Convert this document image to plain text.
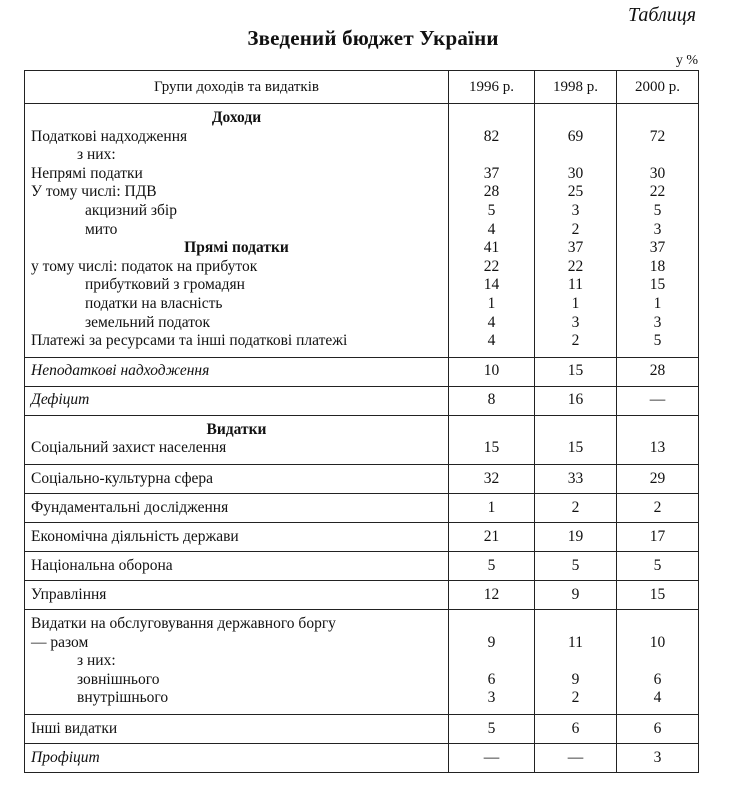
Таблиця
Зведений бюджет України
у %
Групи доходів та видатків	1996 р.	1998 р.	2000 р.
Доходи			
Податкові надходження	82	69	72
з них:			
Непрямі податки	37	30	30
У тому числі: ПДВ	28	25	22
акцизний збір	5	3	5
мито	4	2	3
Прямі податки	41	37	37
у тому числі: податок на прибуток	22	22	18
прибутковий з громадян	14	11	15
податки на власність	1	1	1
земельний податок	4	3	3
Платежі за ресурсами та інші податкові платежі	4	2	5
Неподаткові надходження	10	15	28
Дефіцит	8	16	—
Видатки			
Соціальний захист населення	15	15	13
Соціально-культурна сфера	32	33	29
Фундаментальні дослідження	1	2	2
Економічна діяльність держави	21	19	17
Національна оборона	5	5	5
Управління	12	9	15
Видатки на обслуговування державного боргу			
— разом	9	11	10
з них:			
зовнішнього	6	9	6
внутрішнього	3	2	4
Інші видатки	5	6	6
Профіцит	—	—	3
